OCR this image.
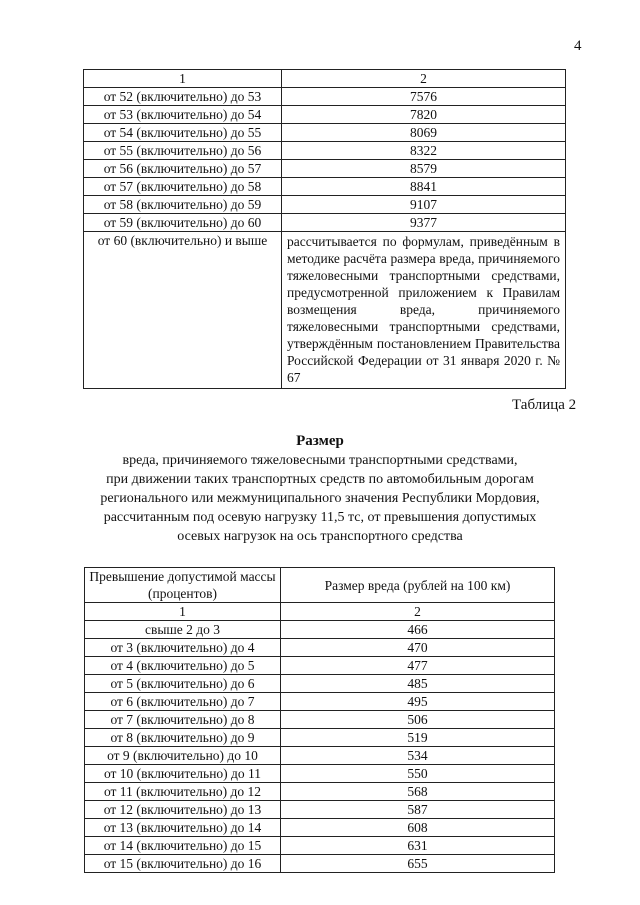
4
1	2
от 52 (включительно) до 53	7576
от 53 (включительно) до 54	7820
от 54 (включительно) до 55	8069
от 55 (включительно) до 56	8322
от 56 (включительно) до 57	8579
от 57 (включительно) до 58	8841
от 58 (включительно) до 59	9107
от 59 (включительно) до 60	9377
от 60 (включительно) и выше	рассчитывается по формулам, приведённым в методике расчёта размера вреда, причиняемого тяжеловесными транспортными средствами, предусмотренной приложением к Правилам возмещения вреда, причиняемого тяжеловесными транспортными средствами, утверждённым постановлением Правительства Российской Федерации от 31 января 2020 г. № 67
Таблица 2
Размер
вреда, причиняемого тяжеловесными транспортными средствами,
при движении таких транспортных средств по автомобильным дорогам
регионального или межмуниципального значения Республики Мордовия,
рассчитанным под осевую нагрузку 11,5 тс, от превышения допустимых
осевых нагрузок на ось транспортного средства
Превышение допустимой массы (процентов)	Размер вреда (рублей на 100 км)
1	2
свыше 2 до 3	466
от 3 (включительно) до 4	470
от 4 (включительно) до 5	477
от 5 (включительно) до 6	485
от 6 (включительно) до 7	495
от 7 (включительно) до 8	506
от 8 (включительно) до 9	519
от 9 (включительно) до 10	534
от 10 (включительно) до 11	550
от 11 (включительно) до 12	568
от 12 (включительно) до 13	587
от 13 (включительно) до 14	608
от 14 (включительно) до 15	631
от 15 (включительно) до 16	655
